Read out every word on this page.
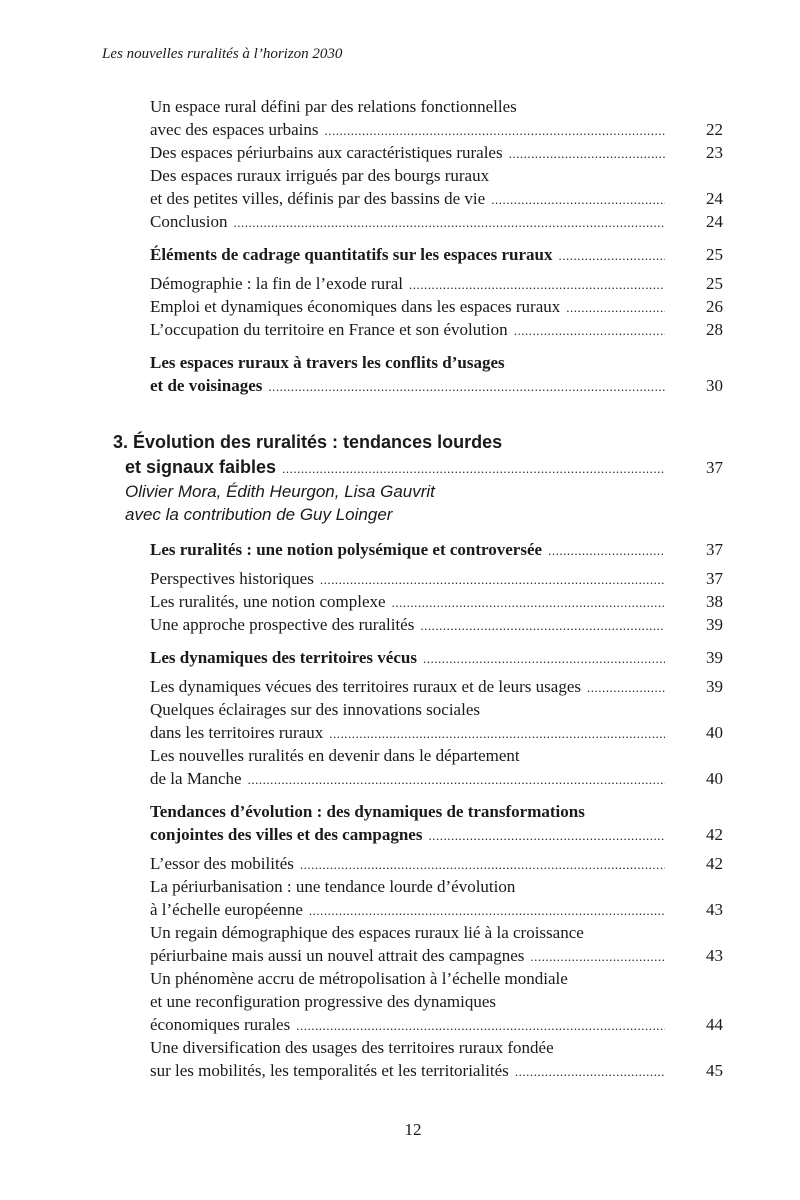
Les nouvelles ruralités à l’horizon 2030
Un espace rural défini par des relations fonctionnelles
avec des espaces urbains .....	22
Des espaces périurbains aux caractéristiques rurales .....	23
Des espaces ruraux irrigués par des bourgs ruraux
et des petites villes, définis par des bassins de vie .....	24
Conclusion .....	24
Éléments de cadrage quantitatifs sur les espaces ruraux .....	25
Démographie : la fin de l’exode rural .....	25
Emploi et dynamiques économiques dans les espaces ruraux .....	26
L’occupation du territoire en France et son évolution .....	28
Les espaces ruraux à travers les conflits d’usages
et de voisinages .....	30
3. Évolution des ruralités : tendances lourdes
et signaux faibles .....	37
Olivier Mora, Édith Heurgon, Lisa Gauvrit
avec la contribution de Guy Loinger
Les ruralités : une notion polysémique et controversée .....	37
Perspectives historiques .....	37
Les ruralités, une notion complexe .....	38
Une approche prospective des ruralités .....	39
Les dynamiques des territoires vécus .....	39
Les dynamiques vécues des territoires ruraux et de leurs usages .....	39
Quelques éclairages sur des innovations sociales
dans les territoires ruraux .....	40
Les nouvelles ruralités en devenir dans le département
de la Manche .....	40
Tendances d’évolution : des dynamiques de transformations
conjointes des villes et des campagnes .....	42
L’essor des mobilités .....	42
La périurbanisation : une tendance lourde d’évolution
à l’échelle européenne .....	43
Un regain démographique des espaces ruraux lié à la croissance
périurbaine mais aussi un nouvel attrait des campagnes .....	43
Un phénomène accru de métropolisation à l’échelle mondiale
et une reconfiguration progressive des dynamiques
économiques rurales .....	44
Une diversification des usages des territoires ruraux fondée
sur les mobilités, les temporalités et les territorialités .....	45
12
